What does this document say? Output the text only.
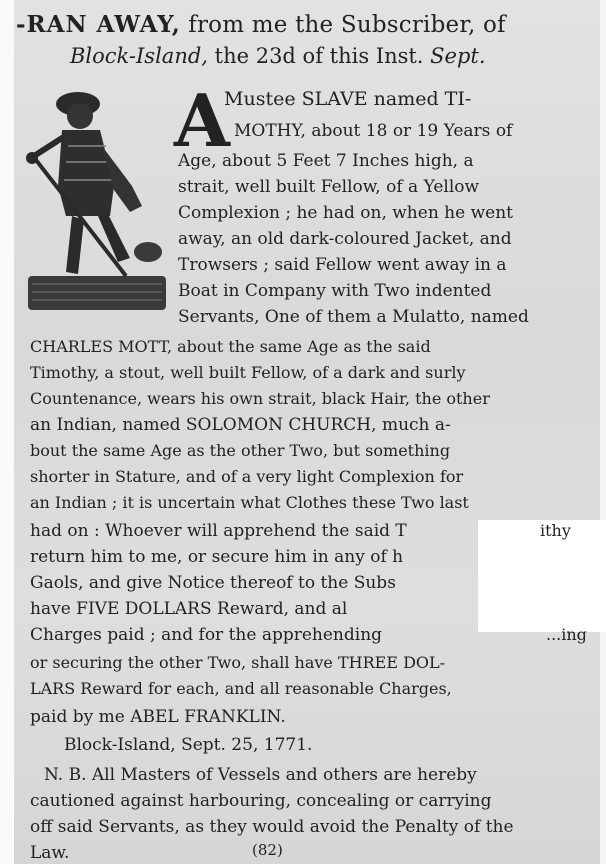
-RAN AWAY, from me the Subscriber, of
Block-Island, the 23d of this Inst. Sept.
A
Mustee SLAVE named TI-
MOTHY, about 18 or 19 Years of
Age, about 5 Feet 7 Inches high, a
strait, well built Fellow, of a Yellow
Complexion ; he had on, when he went
away, an old dark-coloured Jacket, and
Trowsers ; said Fellow went away in a
Boat in Company with Two indented
Servants, One of them a Mulatto, named
CHARLES MOTT, about the same Age as the said
Timothy, a stout, well built Fellow, of a dark and surly
Countenance, wears his own strait, black Hair, the other
an Indian, named SOLOMON CHURCH, much a-
bout the same Age as the other Two, but something
shorter in Stature, and of a very light Complexion for
an Indian ; it is uncertain what Clothes these Two last
had on : Whoever will apprehend the said T
return him to me, or secure him in any of h
Gaols, and give Notice thereof to the Subs
have FIVE DOLLARS Reward, and al
Charges paid ; and for the apprehending
or securing the other Two, shall have THREE DOL-
LARS Reward for each, and all reasonable Charges,
paid by me ABEL FRANKLIN.
ithy
...ing
Block-Island, Sept. 25, 1771.
N. B. All Masters of Vessels and others are hereby
cautioned against harbouring, concealing or carrying
off said Servants, as they would avoid the Penalty of the
Law.	(82)
